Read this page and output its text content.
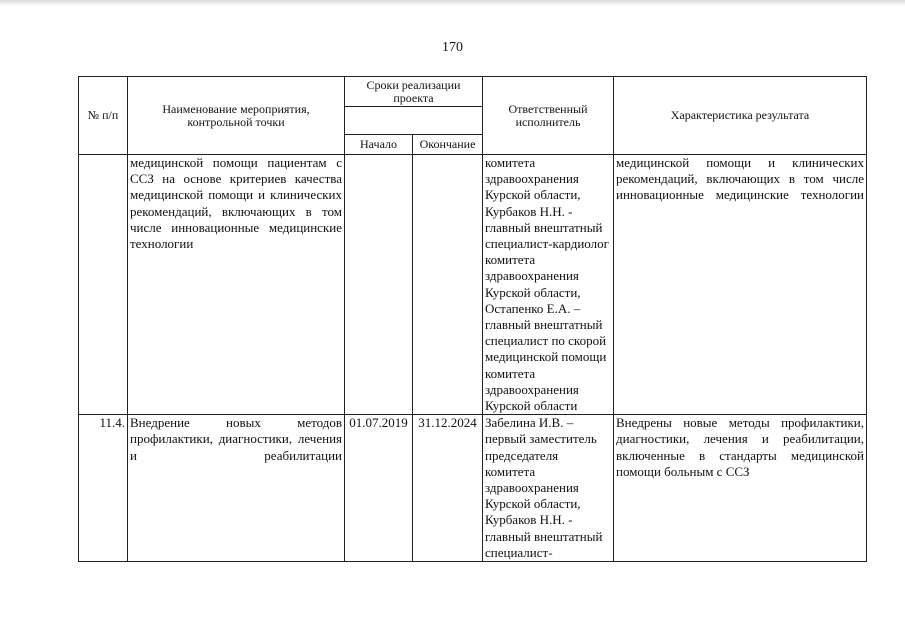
170
№ п/п	Наименование мероприятия, контрольной точки	Сроки реализации проекта		Ответственный исполнитель	Характеристика результата

		Начало	Окончание		
	медицинской помощи пациентам с ССЗ на основе критериев качества медицинской помощи и клинических рекомендаций, включающих в том числе инновационные медицинские технологии			комитета здравоохранения Курской области, Курбаков Н.Н. - главный внештатный специалист-кардиолог комитета здравоохранения Курской области, Остапенко Е.А. – главный внештатный специалист по скорой медицинской помощи комитета здравоохранения Курской области	медицинской помощи и клинических рекомендаций, включающих в том числе инновационные медицинские технологии
11.4.	Внедрение новых методов профилактики, диагностики, лечения и реабилитации	01.07.2019	31.12.2024	Забелина И.В. – первый заместитель председателя комитета здравоохранения Курской области, Курбаков Н.Н. - главный внештатный специалист-	Внедрены новые методы профилактики, диагностики, лечения и реабилитации, включенные в стандарты медицинской помощи больным с ССЗ
